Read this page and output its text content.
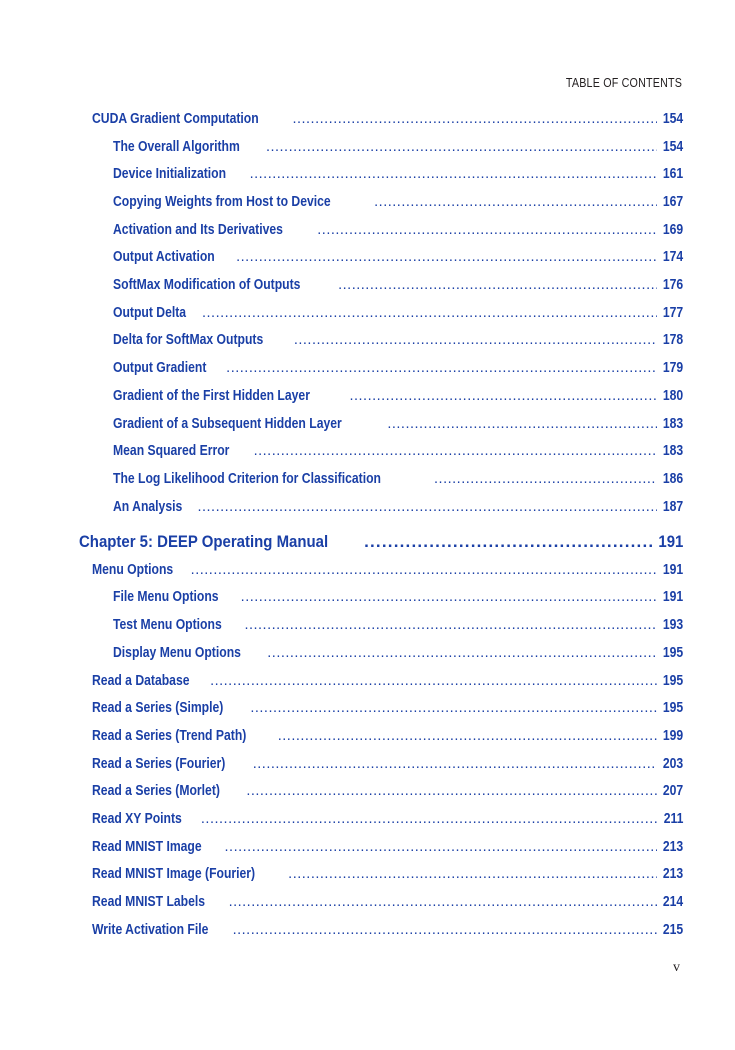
TABLE OF CONTENTS
CUDA Gradient Computation .....	154
The Overall Algorithm .....	154
Device Initialization .....	161
Copying Weights from Host to Device .....	167
Activation and Its Derivatives .....	169
Output Activation .....	174
SoftMax Modification of Outputs .....	176
Output Delta .....	177
Delta for SoftMax Outputs .....	178
Output Gradient .....	179
Gradient of the First Hidden Layer .....	180
Gradient of a Subsequent Hidden Layer .....	183
Mean Squared Error .....	183
The Log Likelihood Criterion for Classification .....	186
An Analysis .....	187
Chapter 5: DEEP Operating Manual .....	191
Menu Options .....	191
File Menu Options .....	191
Test Menu Options .....	193
Display Menu Options .....	195
Read a Database .....	195
Read a Series (Simple) .....	195
Read a Series (Trend Path) .....	199
Read a Series (Fourier) .....	203
Read a Series (Morlet) .....	207
Read XY Points .....	211
Read MNIST Image .....	213
Read MNIST Image (Fourier) .....	213
Read MNIST Labels .....	214
Write Activation File .....	215
v
